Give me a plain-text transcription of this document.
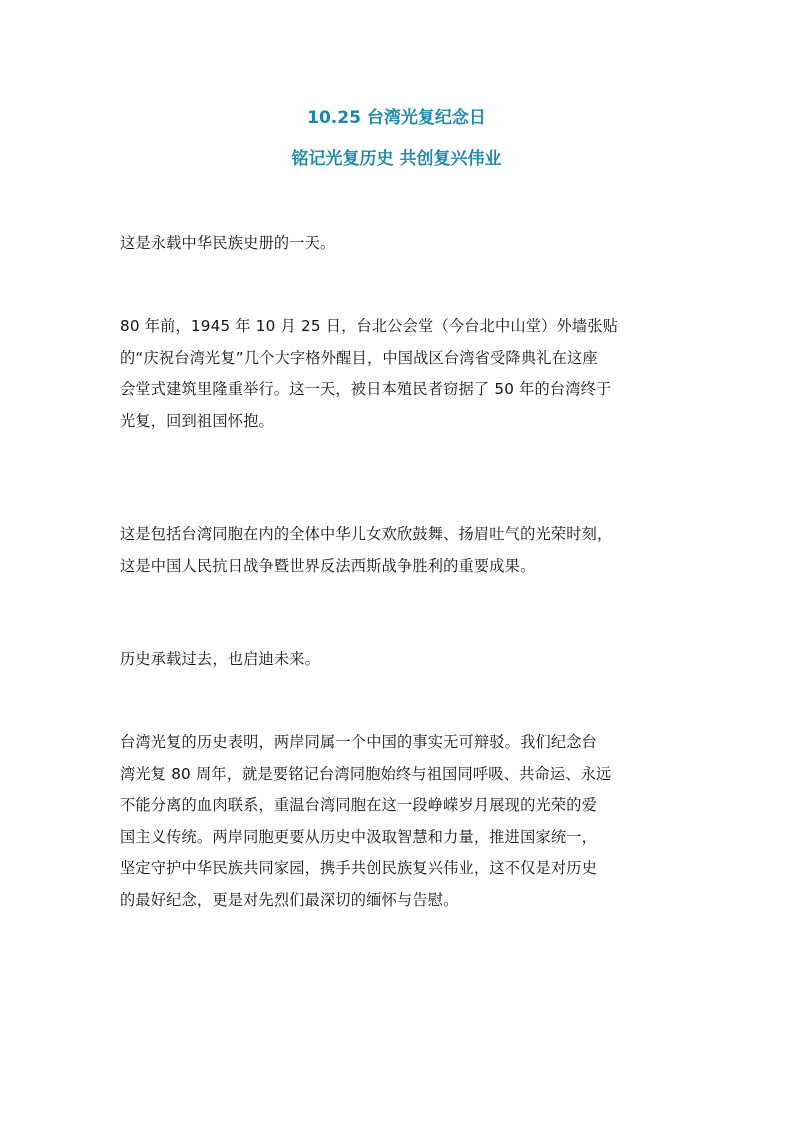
10.25 台湾光复纪念日
铭记光复历史 共创复兴伟业

这是永载中华民族史册的一天。

80 年前，1945 年 10 月 25 日，台北公会堂（今台北中山堂）外墙张贴
的“庆祝台湾光复”几个大字格外醒目，中国战区台湾省受降典礼在这座
会堂式建筑里隆重举行。这一天，被日本殖民者窃据了 50 年的台湾终于
光复，回到祖国怀抱。

这是包括台湾同胞在内的全体中华儿女欢欣鼓舞、扬眉吐气的光荣时刻，
这是中国人民抗日战争暨世界反法西斯战争胜利的重要成果。

历史承载过去，也启迪未来。

台湾光复的历史表明，两岸同属一个中国的事实无可辩驳。我们纪念台
湾光复 80 周年，就是要铭记台湾同胞始终与祖国同呼吸、共命运、永远
不能分离的血肉联系，重温台湾同胞在这一段峥嵘岁月展现的光荣的爱
国主义传统。两岸同胞更要从历史中汲取智慧和力量，推进国家统一，
坚定守护中华民族共同家园，携手共创民族复兴伟业，这不仅是对历史
的最好纪念，更是对先烈们最深切的缅怀与告慰。
